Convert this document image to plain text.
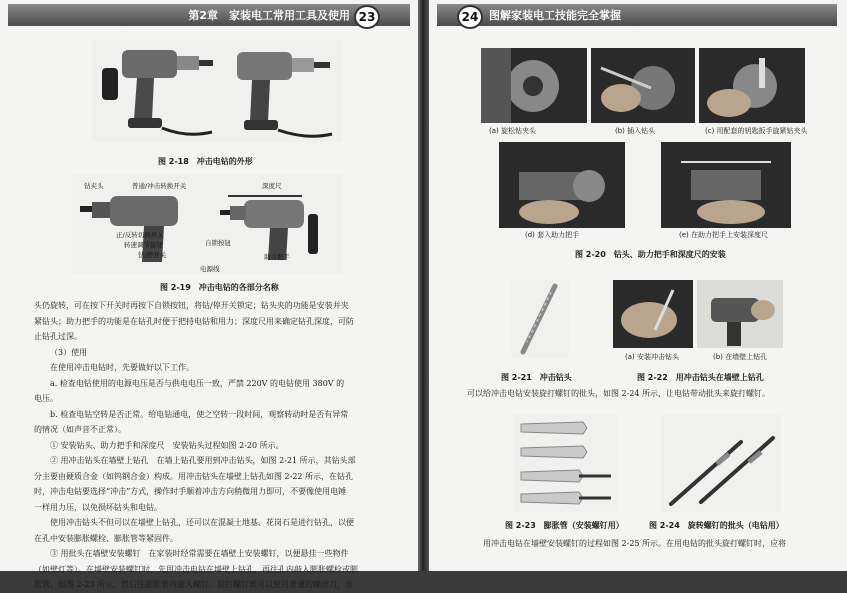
第2章　 家装电工常用工具及使用 23
图 2-18　冲击电钻的外形
钻夹头	普通/冲击转换开关	深度尺
正/反转切换开关
转速调节旋钮
钻/停开关
自锁按钮
助力把手
电源线
图 2-19　冲击电钻的各部分名称

头仍旋转，可在按下开关时再按下自锁按钮，将钻/停开关锁定；钻头夹的功能是安装并夹

紧钻头；助力把手的功能是在钻孔时便于把持电钻和用力；深度尺用来确定钻孔深度，可防

止钻孔过深。

（3）使用

在使用冲击电钻时，先要做好以下工作。

a. 检查电钻使用的电源电压是否与供电电压一致，严禁 220V 的电钻使用 380V 的

电压。

b. 检查电钻空转是否正常。给电钻通电，使之空转一段时间，观察转动时是否有异常

的情况（如声音不正常）。

① 安装钻头、助力把手和深度尺　安装钻头过程如图 2-20 所示。

② 用冲击钻头在墙壁上钻孔　在墙上钻孔要用到冲击钻头，如图 2-21 所示，其钻头部

分主要由硬质合金（如钨钢合金）构成。用冲击钻头在墙壁上钻孔如图 2-22 所示，在钻孔

时，冲击电钻要选择“冲击”方式，操作时手顺着冲击方向稍微用力即可，不要像使用电锤

一样用力压，以免损坏钻头和电钻。

使用冲击钻头不但可以在墙壁上钻孔，还可以在混凝土地基、花岗石是进行钻孔，以便

在孔中安装膨胀螺栓、膨胀管等紧固件。

③ 用批头在墙壁安装螺钉　在家装时经常需要在墙壁上安装螺钉，以便悬挂一些物件

（如壁灯等）。在墙壁安装螺钉时，先用冲击电钻在墙壁上钻孔，再往孔内敲入膨胀螺栓或膨

胀管，如图 2-23 所示，然后往膨胀管内旋入螺钉。旋打螺钉既可以使用普通的螺丝刀，也

24 图解家装电工技能完全掌握
(a) 旋松钻夹头	(b) 插入钻头	(c) 用配套的钥匙扳手旋紧钻夹头
(d) 套入助力把手	(e) 在助力把手上安装深度尺
图 2-20　钻头、助力把手和深度尺的安装
图 2-21　冲击钻头
(a) 安装冲击钻头	(b) 在墙壁上钻孔
图 2-22　用冲击钻头在墙壁上钻孔

可以给冲击电钻安装旋打螺钉的批头，如图 2-24 所示，让电钻带动批头来旋打螺钉。

图 2-23　膨胀管（安装螺钉用）	图 2-24　旋转螺钉的批头（电钻用）

用冲击电钻在墙壁安装螺钉的过程如图 2-25 所示。在用电钻的批头旋打螺钉时，应将
